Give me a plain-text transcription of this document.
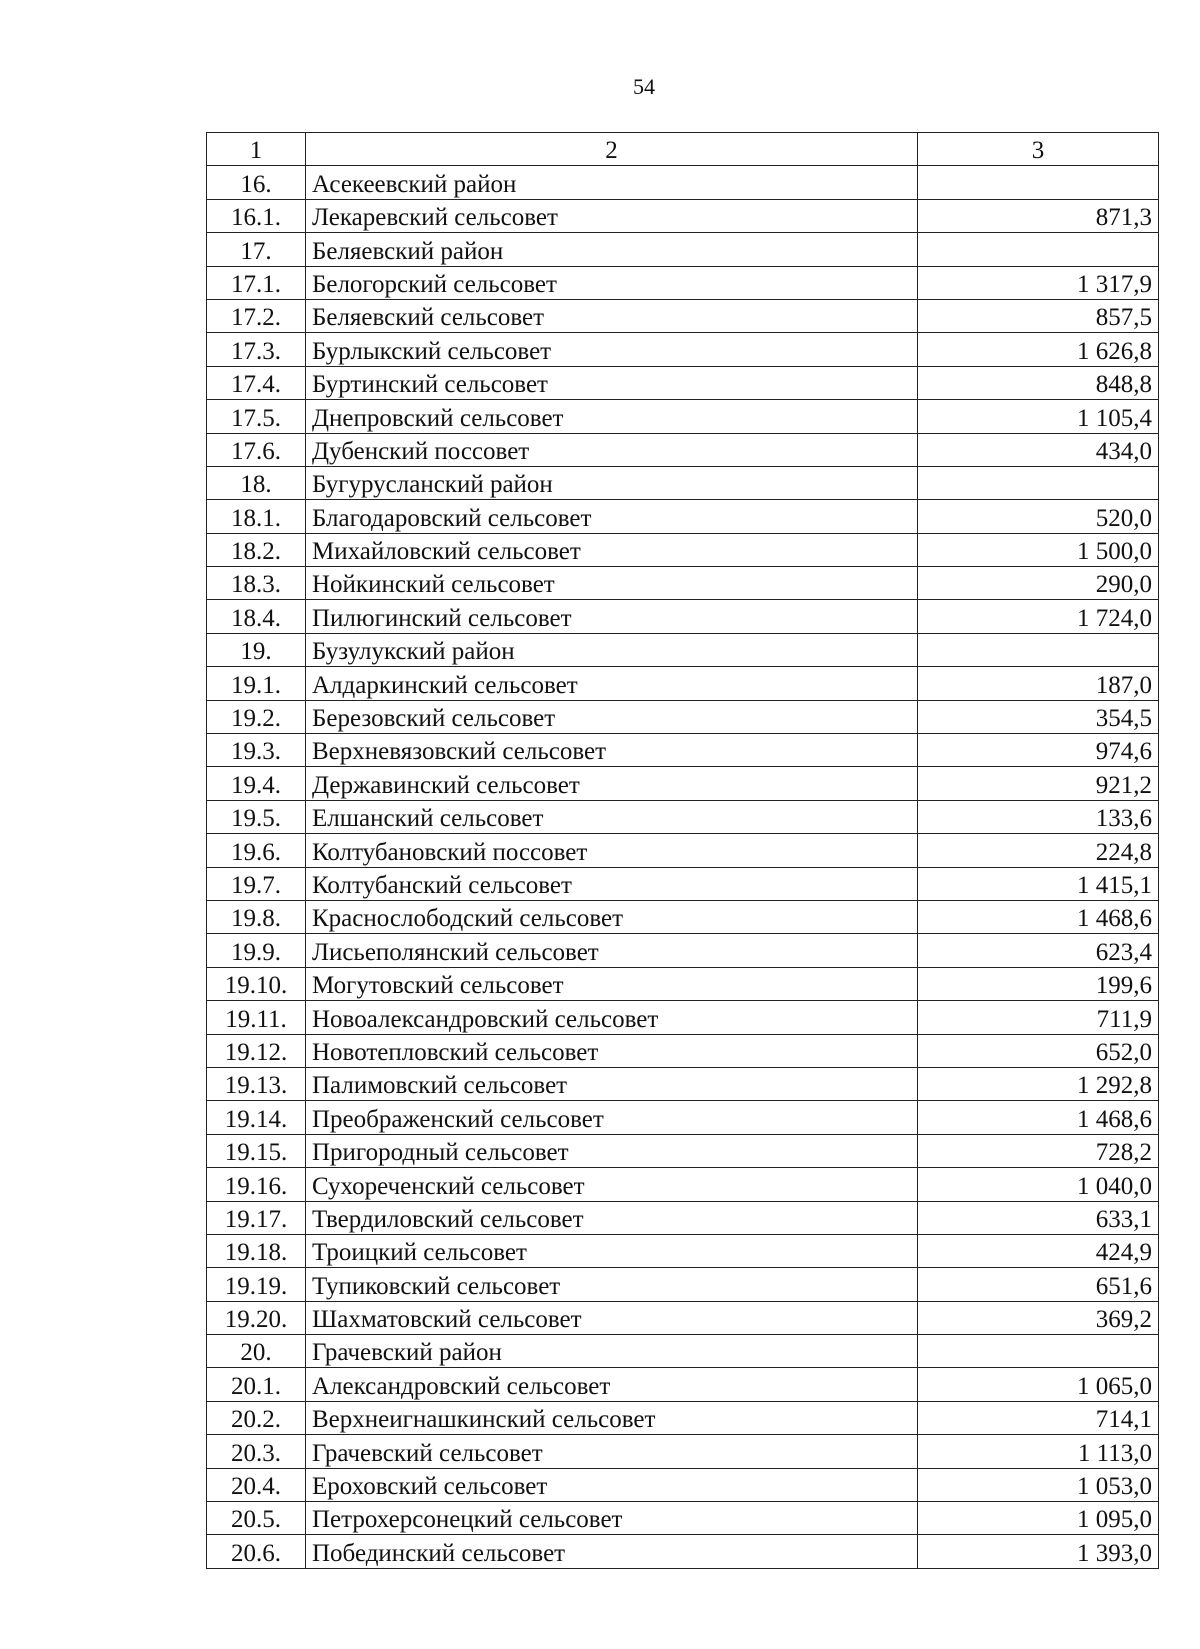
54
1	2	3
16.	Асекеевский район	
16.1.	Лекаревский сельсовет	871,3
17.	Беляевский район	
17.1.	Белогорский сельсовет	1 317,9
17.2.	Беляевский сельсовет	857,5
17.3.	Бурлыкский сельсовет	1 626,8
17.4.	Буртинский сельсовет	848,8
17.5.	Днепровский сельсовет	1 105,4
17.6.	Дубенский поссовет	434,0
18.	Бугурусланский район	
18.1.	Благодаровский сельсовет	520,0
18.2.	Михайловский сельсовет	1 500,0
18.3.	Нойкинский сельсовет	290,0
18.4.	Пилюгинский сельсовет	1 724,0
19.	Бузулукский район	
19.1.	Алдаркинский сельсовет	187,0
19.2.	Березовский сельсовет	354,5
19.3.	Верхневязовский сельсовет	974,6
19.4.	Державинский сельсовет	921,2
19.5.	Елшанский сельсовет	133,6
19.6.	Колтубановский поссовет	224,8
19.7.	Колтубанский сельсовет	1 415,1
19.8.	Краснослободский сельсовет	1 468,6
19.9.	Лисьеполянский сельсовет	623,4
19.10.	Могутовский сельсовет	199,6
19.11.	Новоалександровский сельсовет	711,9
19.12.	Новотепловский сельсовет	652,0
19.13.	Палимовский сельсовет	1 292,8
19.14.	Преображенский сельсовет	1 468,6
19.15.	Пригородный сельсовет	728,2
19.16.	Сухореченский сельсовет	1 040,0
19.17.	Твердиловский сельсовет	633,1
19.18.	Троицкий сельсовет	424,9
19.19.	Тупиковский сельсовет	651,6
19.20.	Шахматовский сельсовет	369,2
20.	Грачевский район	
20.1.	Александровский сельсовет	1 065,0
20.2.	Верхнеигнашкинский сельсовет	714,1
20.3.	Грачевский сельсовет	1 113,0
20.4.	Ероховский сельсовет	1 053,0
20.5.	Петрохерсонецкий сельсовет	1 095,0
20.6.	Побединский сельсовет	1 393,0
